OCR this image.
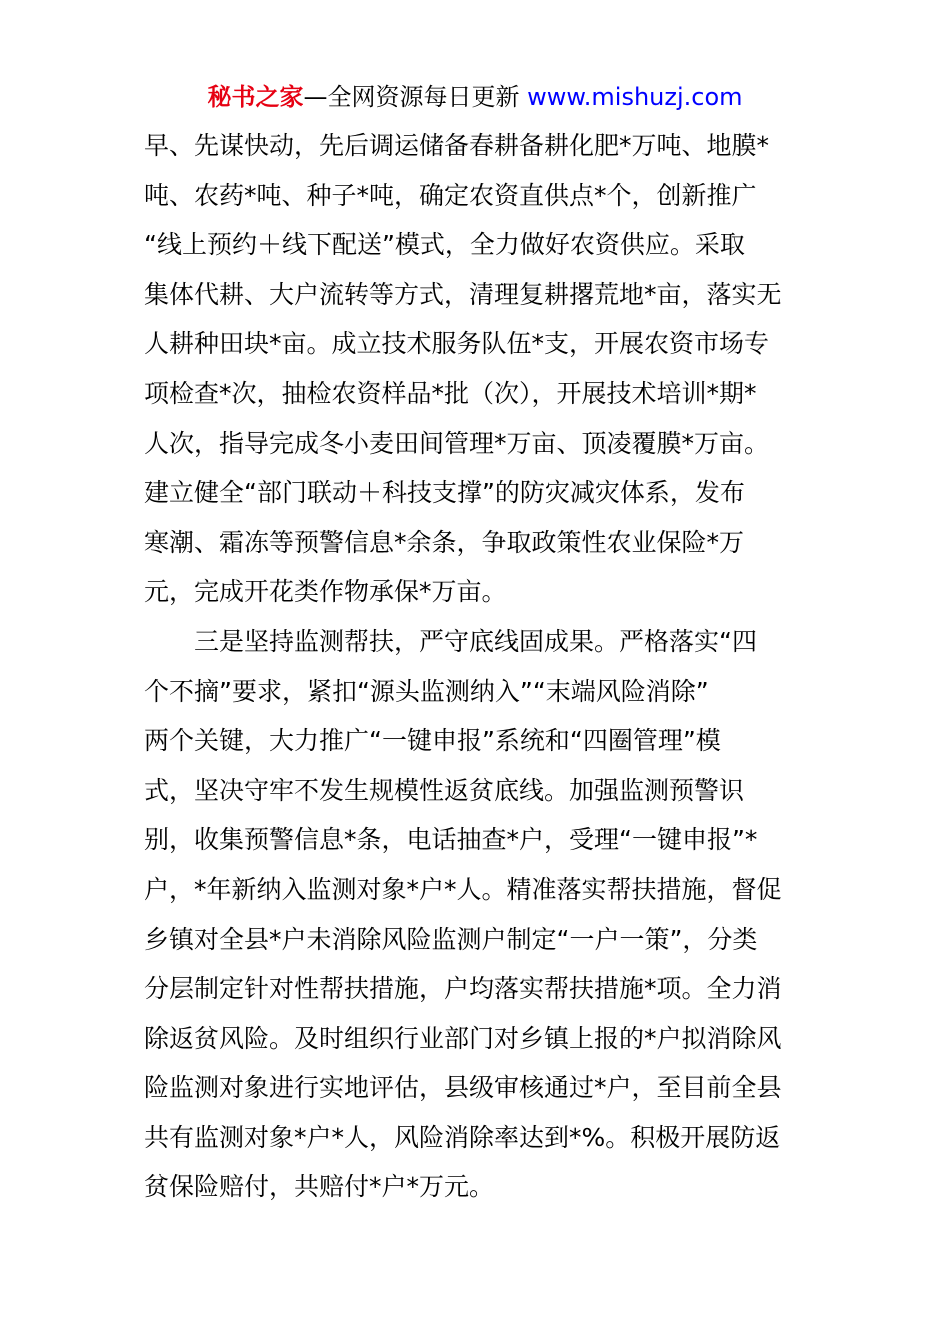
秘书之家—全网资源每日更新 www.mishuzj.com
早、先谋快动，先后调运储备春耕备耕化肥*万吨、地膜*
吨、农药*吨、种子*吨，确定农资直供点*个，创新推广
“线上预约＋线下配送”模式，全力做好农资供应。采取
集体代耕、大户流转等方式，清理复耕撂荒地*亩，落实无
人耕种田块*亩。成立技术服务队伍*支，开展农资市场专
项检查*次，抽检农资样品*批（次），开展技术培训*期*
人次，指导完成冬小麦田间管理*万亩、顶凌覆膜*万亩。
建立健全“部门联动＋科技支撑”的防灾减灾体系，发布
寒潮、霜冻等预警信息*余条，争取政策性农业保险*万
元，完成开花类作物承保*万亩。
　　三是坚持监测帮扶，严守底线固成果。严格落实“四
个不摘”要求，紧扣“源头监测纳入”“末端风险消除”
两个关键，大力推广“一键申报”系统和“四圈管理”模
式，坚决守牢不发生规模性返贫底线。加强监测预警识
别，收集预警信息*条，电话抽查*户，受理“一键申报”*
户，*年新纳入监测对象*户*人。精准落实帮扶措施，督促
乡镇对全县*户未消除风险监测户制定“一户一策”，分类
分层制定针对性帮扶措施，户均落实帮扶措施*项。全力消
除返贫风险。及时组织行业部门对乡镇上报的*户拟消除风
险监测对象进行实地评估，县级审核通过*户，至目前全县
共有监测对象*户*人，风险消除率达到*%。积极开展防返
贫保险赔付，共赔付*户*万元。
